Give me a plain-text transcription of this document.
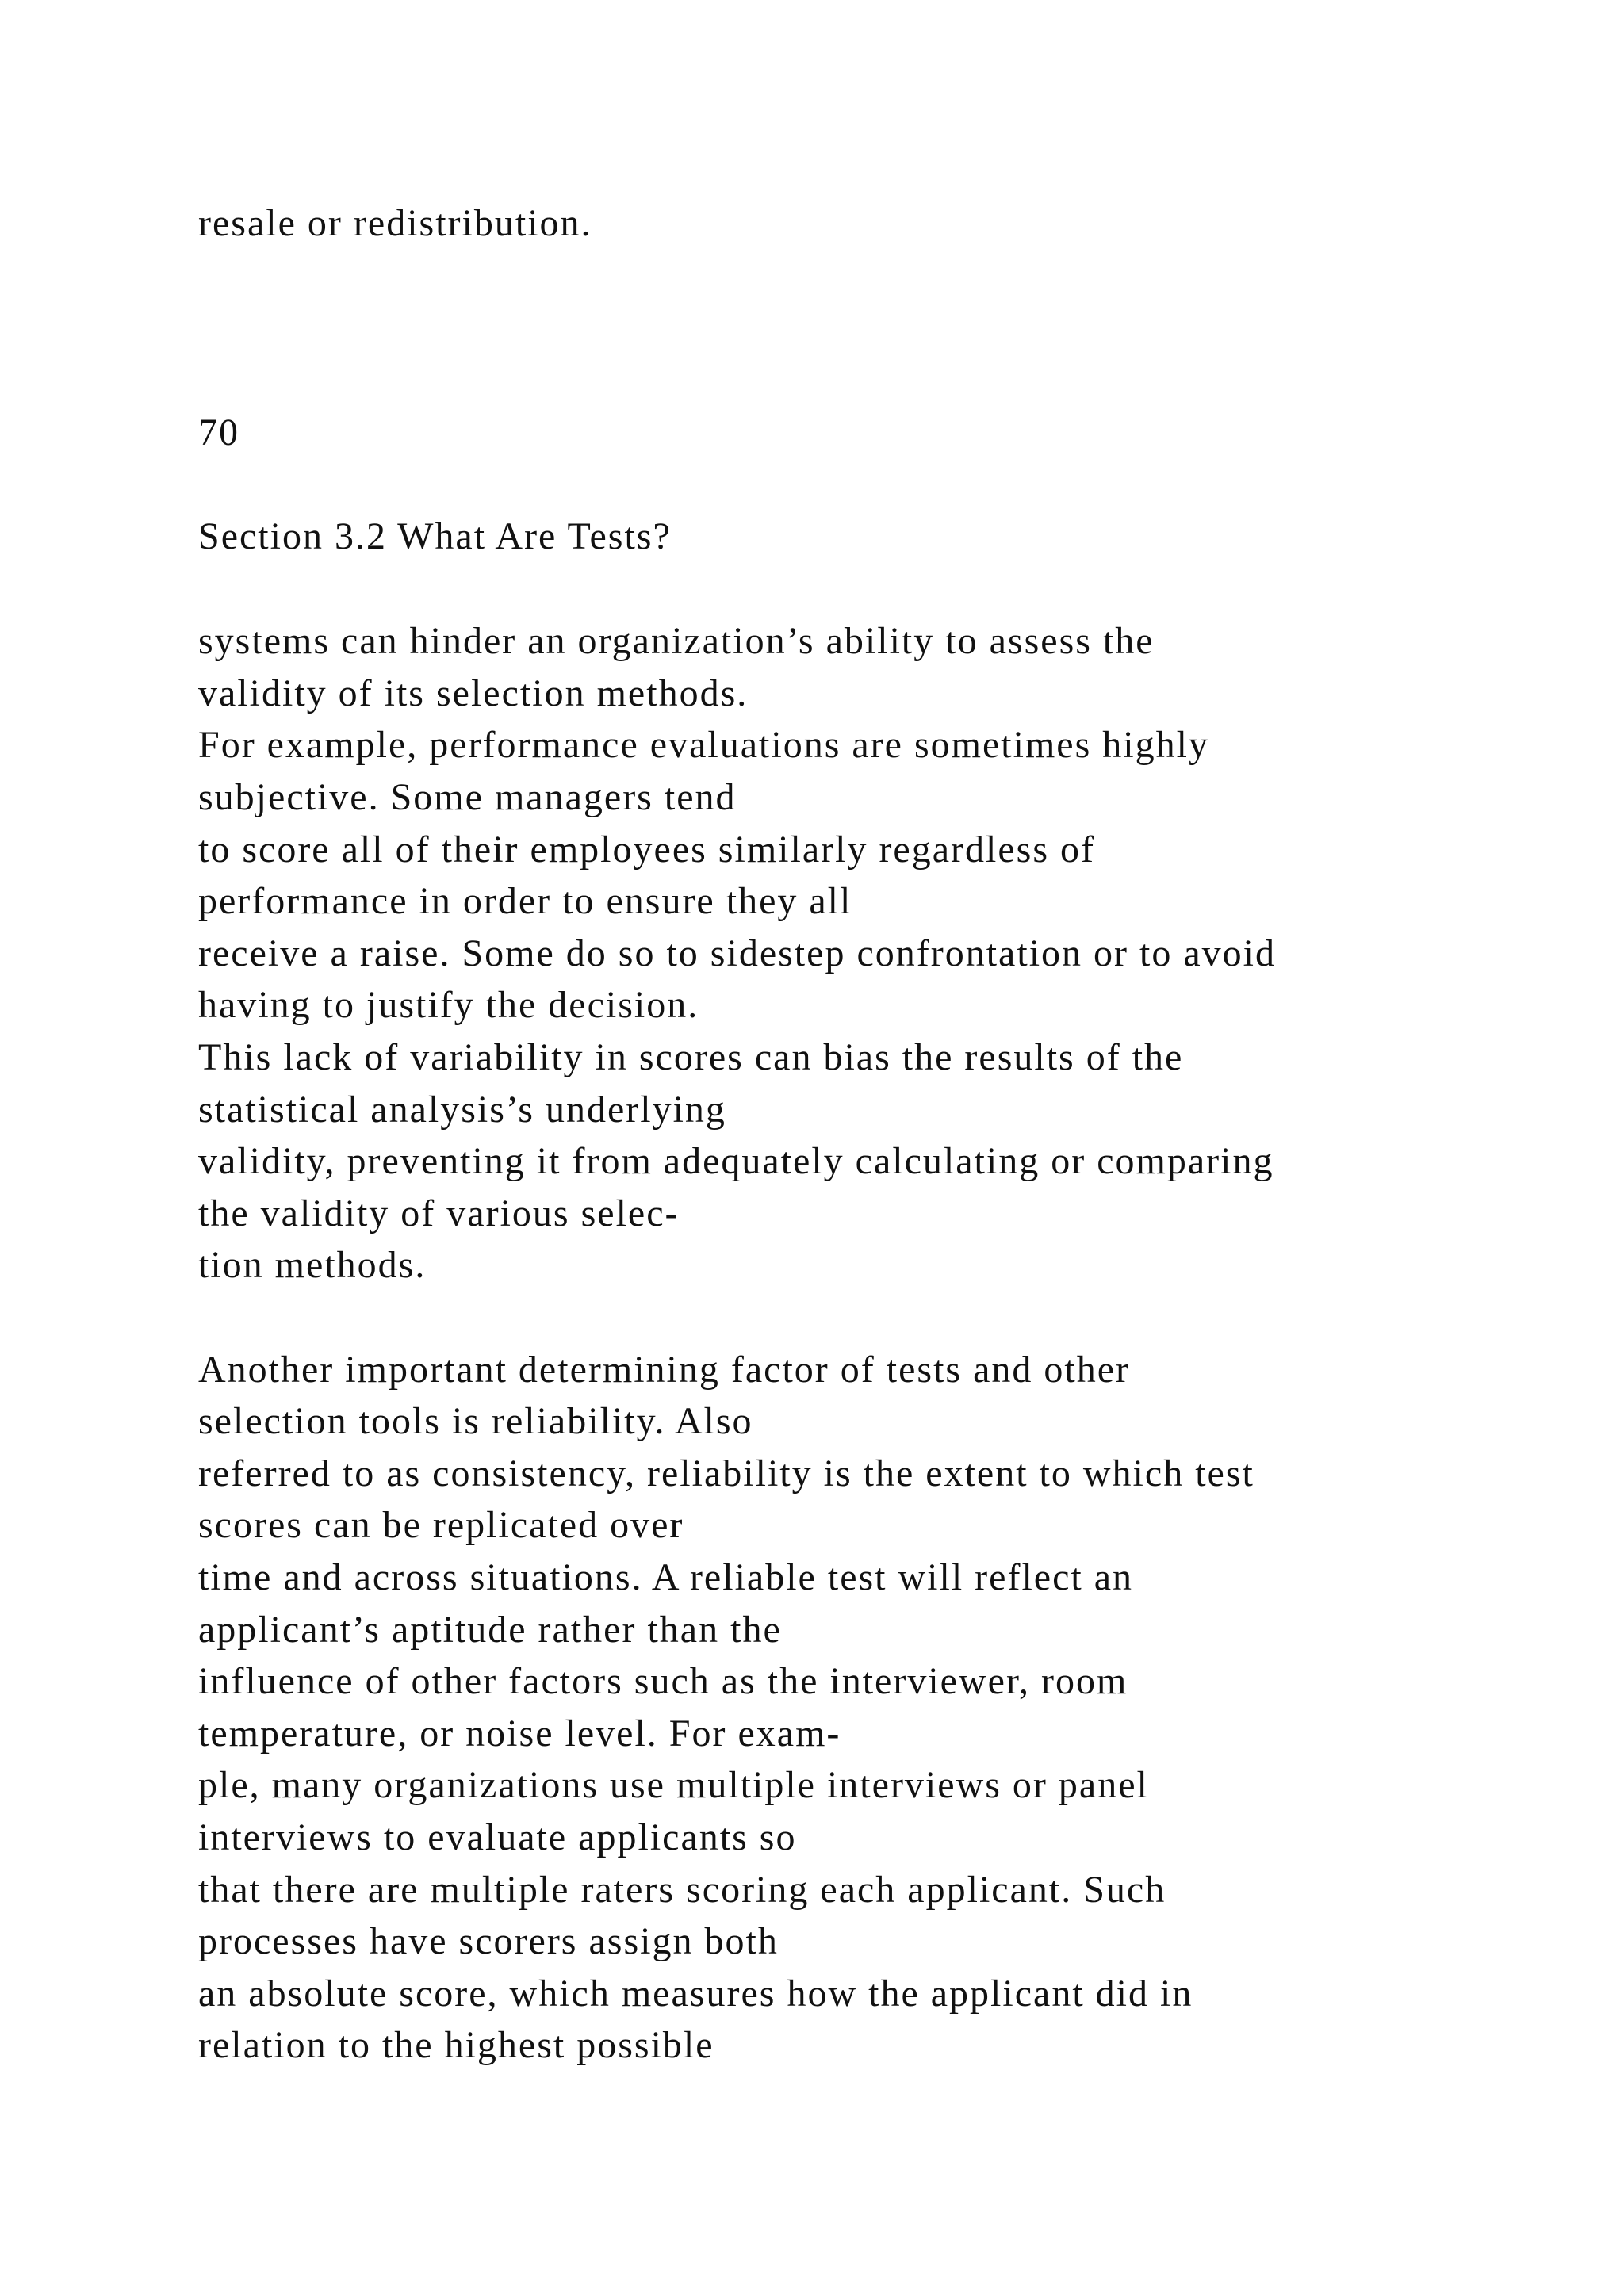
resale or redistribution.
70
Section 3.2 What Are Tests?
systems can hinder an organization’s ability to assess the
validity of its selection methods.
For example, performance evaluations are sometimes highly
subjective. Some managers tend
to score all of their employees similarly regardless of
performance in order to ensure they all
receive a raise. Some do so to sidestep confrontation or to avoid
having to justify the decision.
This lack of variability in scores can bias the results of the
statistical analysis’s underlying
validity, preventing it from adequately calculating or comparing
the validity of various selec-
tion methods.
Another important determining factor of tests and other
selection tools is reliability. Also
referred to as consistency, reliability is the extent to which test
scores can be replicated over
time and across situations. A reliable test will reflect an
applicant’s aptitude rather than the
influence of other factors such as the interviewer, room
temperature, or noise level. For exam-
ple, many organizations use multiple interviews or panel
interviews to evaluate applicants so
that there are multiple raters scoring each applicant. Such
processes have scorers assign both
an absolute score, which measures how the applicant did in
relation to the highest possible
